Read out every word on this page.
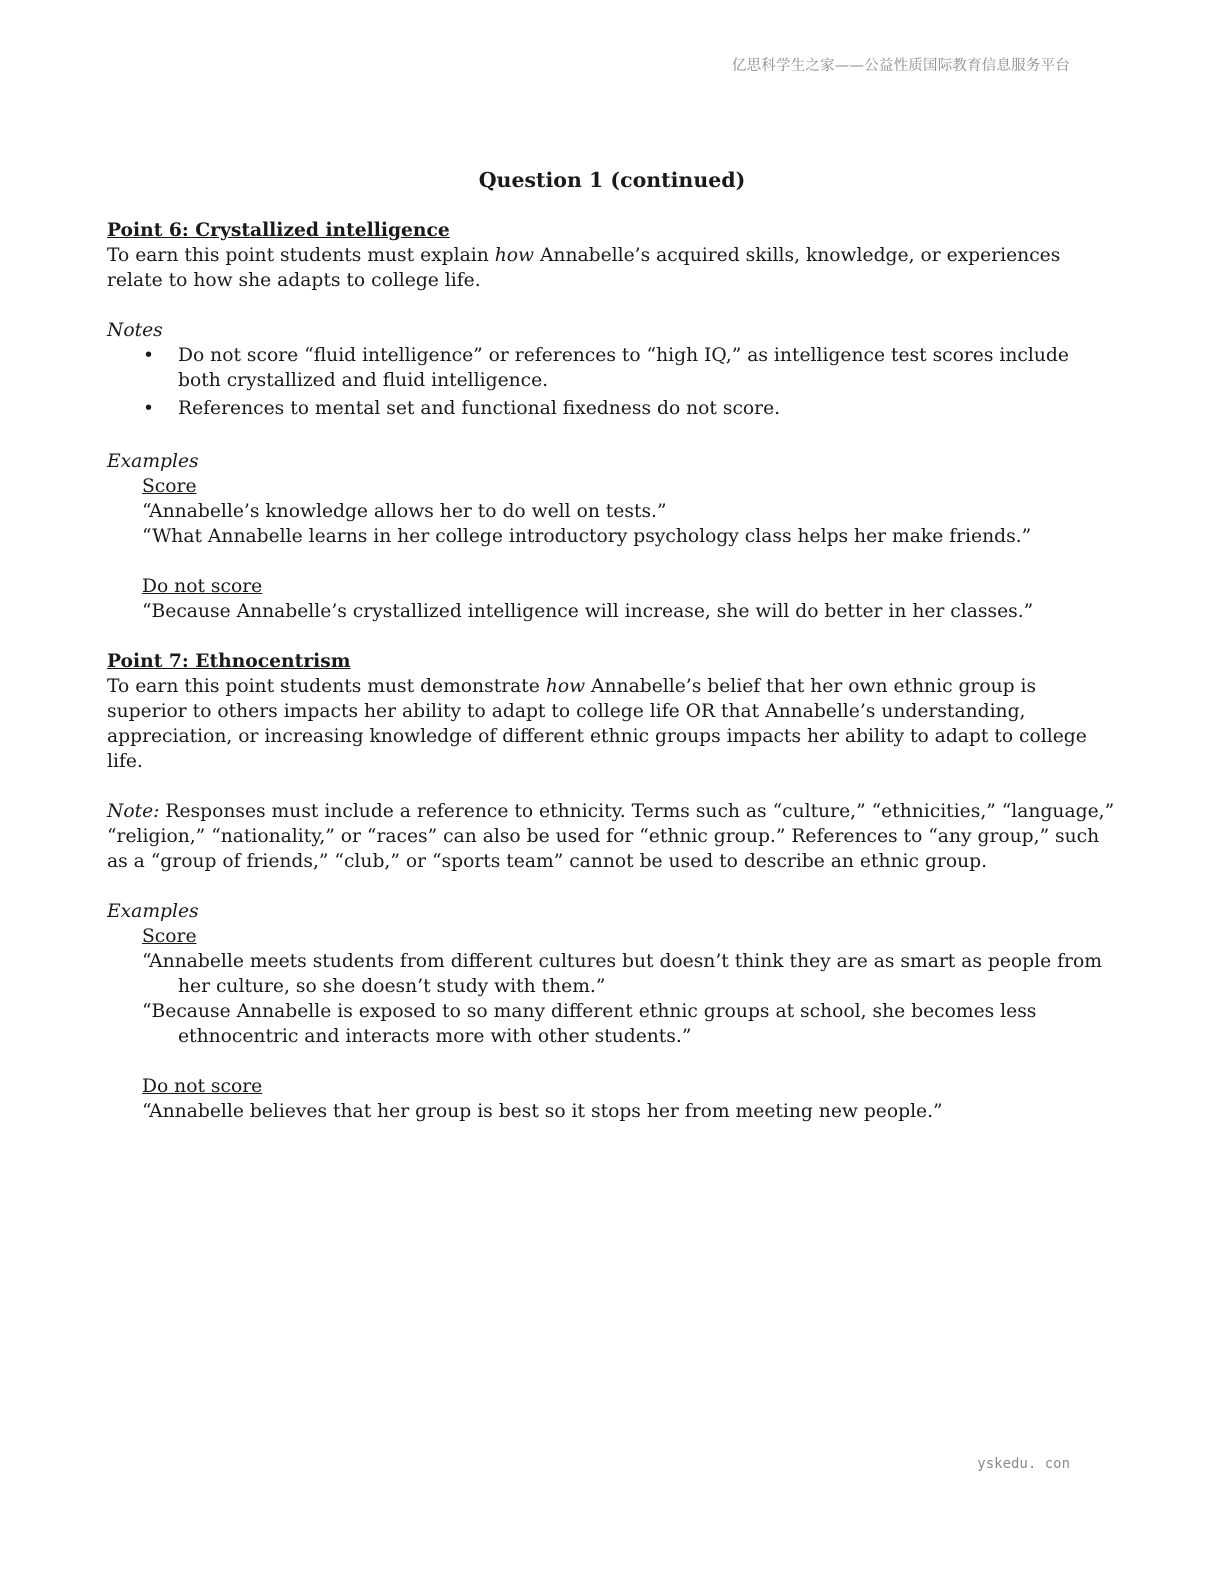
亿思科学生之家——公益性质国际教育信息服务平台
Question 1 (continued)

Point 6: Crystallized intelligence

To earn this point students must explain how Annabelle’s acquired skills, knowledge, or experiences relate to how she adapts to college life.

Notes

• Do not score “fluid intelligence” or references to “high IQ,” as intelligence test scores include both crystallized and fluid intelligence.
• References to mental set and functional fixedness do not score.

Examples

Score

“Annabelle’s knowledge allows her to do well on tests.”

“What Annabelle learns in her college introductory psychology class helps her make friends.”

Do not score

“Because Annabelle’s crystallized intelligence will increase, she will do better in her classes.”

Point 7: Ethnocentrism

To earn this point students must demonstrate how Annabelle’s belief that her own ethnic group is superior to others impacts her ability to adapt to college life OR that Annabelle’s understanding, appreciation, or increasing knowledge of different ethnic groups impacts her ability to adapt to college life.

Note: Responses must include a reference to ethnicity. Terms such as “culture,” “ethnicities,” “language,” “religion,” “nationality,” or “races” can also be used for “ethnic group.” References to “any group,” such as a “group of friends,” “club,” or “sports team” cannot be used to describe an ethnic group.

Examples

Score

“Annabelle meets students from different cultures but doesn’t think they are as smart as people from her culture, so she doesn’t study with them.”

“Because Annabelle is exposed to so many different ethnic groups at school, she becomes less ethnocentric and interacts more with other students.”

Do not score

“Annabelle believes that her group is best so it stops her from meeting new people.”

yskedu. con
